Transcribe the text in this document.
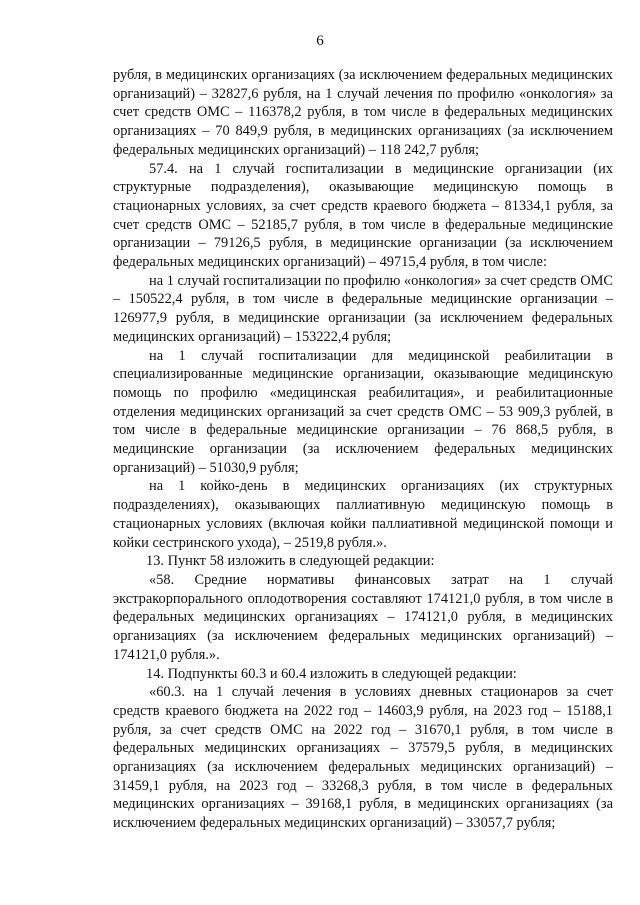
6

рубля, в медицинских организациях (за исключением федеральных медицинских организаций) – 32827,6 рубля, на 1 случай лечения по профилю «онкология» за счет средств ОМС – 116378,2 рубля, в том числе в федеральных медицинских организациях – 70 849,9 рубля, в медицинских организациях (за исключением федеральных медицинских организаций) – 118 242,7 рубля;

57.4. на 1 случай госпитализации в медицинские организации (их структурные подразделения), оказывающие медицинскую помощь в стационарных условиях, за счет средств краевого бюджета – 81334,1 рубля, за счет средств ОМС – 52185,7 рубля, в том числе в федеральные медицинские организации – 79126,5 рубля, в медицинские организации (за исключением федеральных медицинских организаций) – 49715,4 рубля, в том числе:

на 1 случай госпитализации по профилю «онкология» за счет средств ОМС – 150522,4 рубля, в том числе в федеральные медицинские организации – 126977,9 рубля, в медицинские организации (за исключением федеральных медицинских организаций) – 153222,4 рубля;

на 1 случай госпитализации для медицинской реабилитации в специализированные медицинские организации, оказывающие медицинскую помощь по профилю «медицинская реабилитация», и реабилитационные отделения медицинских организаций за счет средств ОМС – 53 909,3 рублей, в том числе в федеральные медицинские организации – 76 868,5 рубля, в медицинские организации (за исключением федеральных медицинских организаций) – 51030,9 рубля;

на 1 койко-день в медицинских организациях (их структурных подразделениях), оказывающих паллиативную медицинскую помощь в стационарных условиях (включая койки паллиативной медицинской помощи и койки сестринского ухода), – 2519,8 рубля.».

13. Пункт 58 изложить в следующей редакции:

«58. Средние нормативы финансовых затрат на 1 случай экстракорпорального оплодотворения составляют 174121,0 рубля, в том числе в федеральных медицинских организациях – 174121,0 рубля, в медицинских организациях (за исключением федеральных медицинских организаций) – 174121,0 рубля.».

14. Подпункты 60.3 и 60.4 изложить в следующей редакции:

«60.3. на 1 случай лечения в условиях дневных стационаров за счет средств краевого бюджета на 2022 год – 14603,9 рубля, на 2023 год – 15188,1 рубля, за счет средств ОМС на 2022 год – 31670,1 рубля, в том числе в федеральных медицинских организациях – 37579,5 рубля, в медицинских организациях (за исключением федеральных медицинских организаций) – 31459,1 рубля, на 2023 год – 33268,3 рубля, в том числе в федеральных медицинских организациях – 39168,1 рубля, в медицинских организациях (за исключением федеральных медицинских организаций) – 33057,7 рубля;
